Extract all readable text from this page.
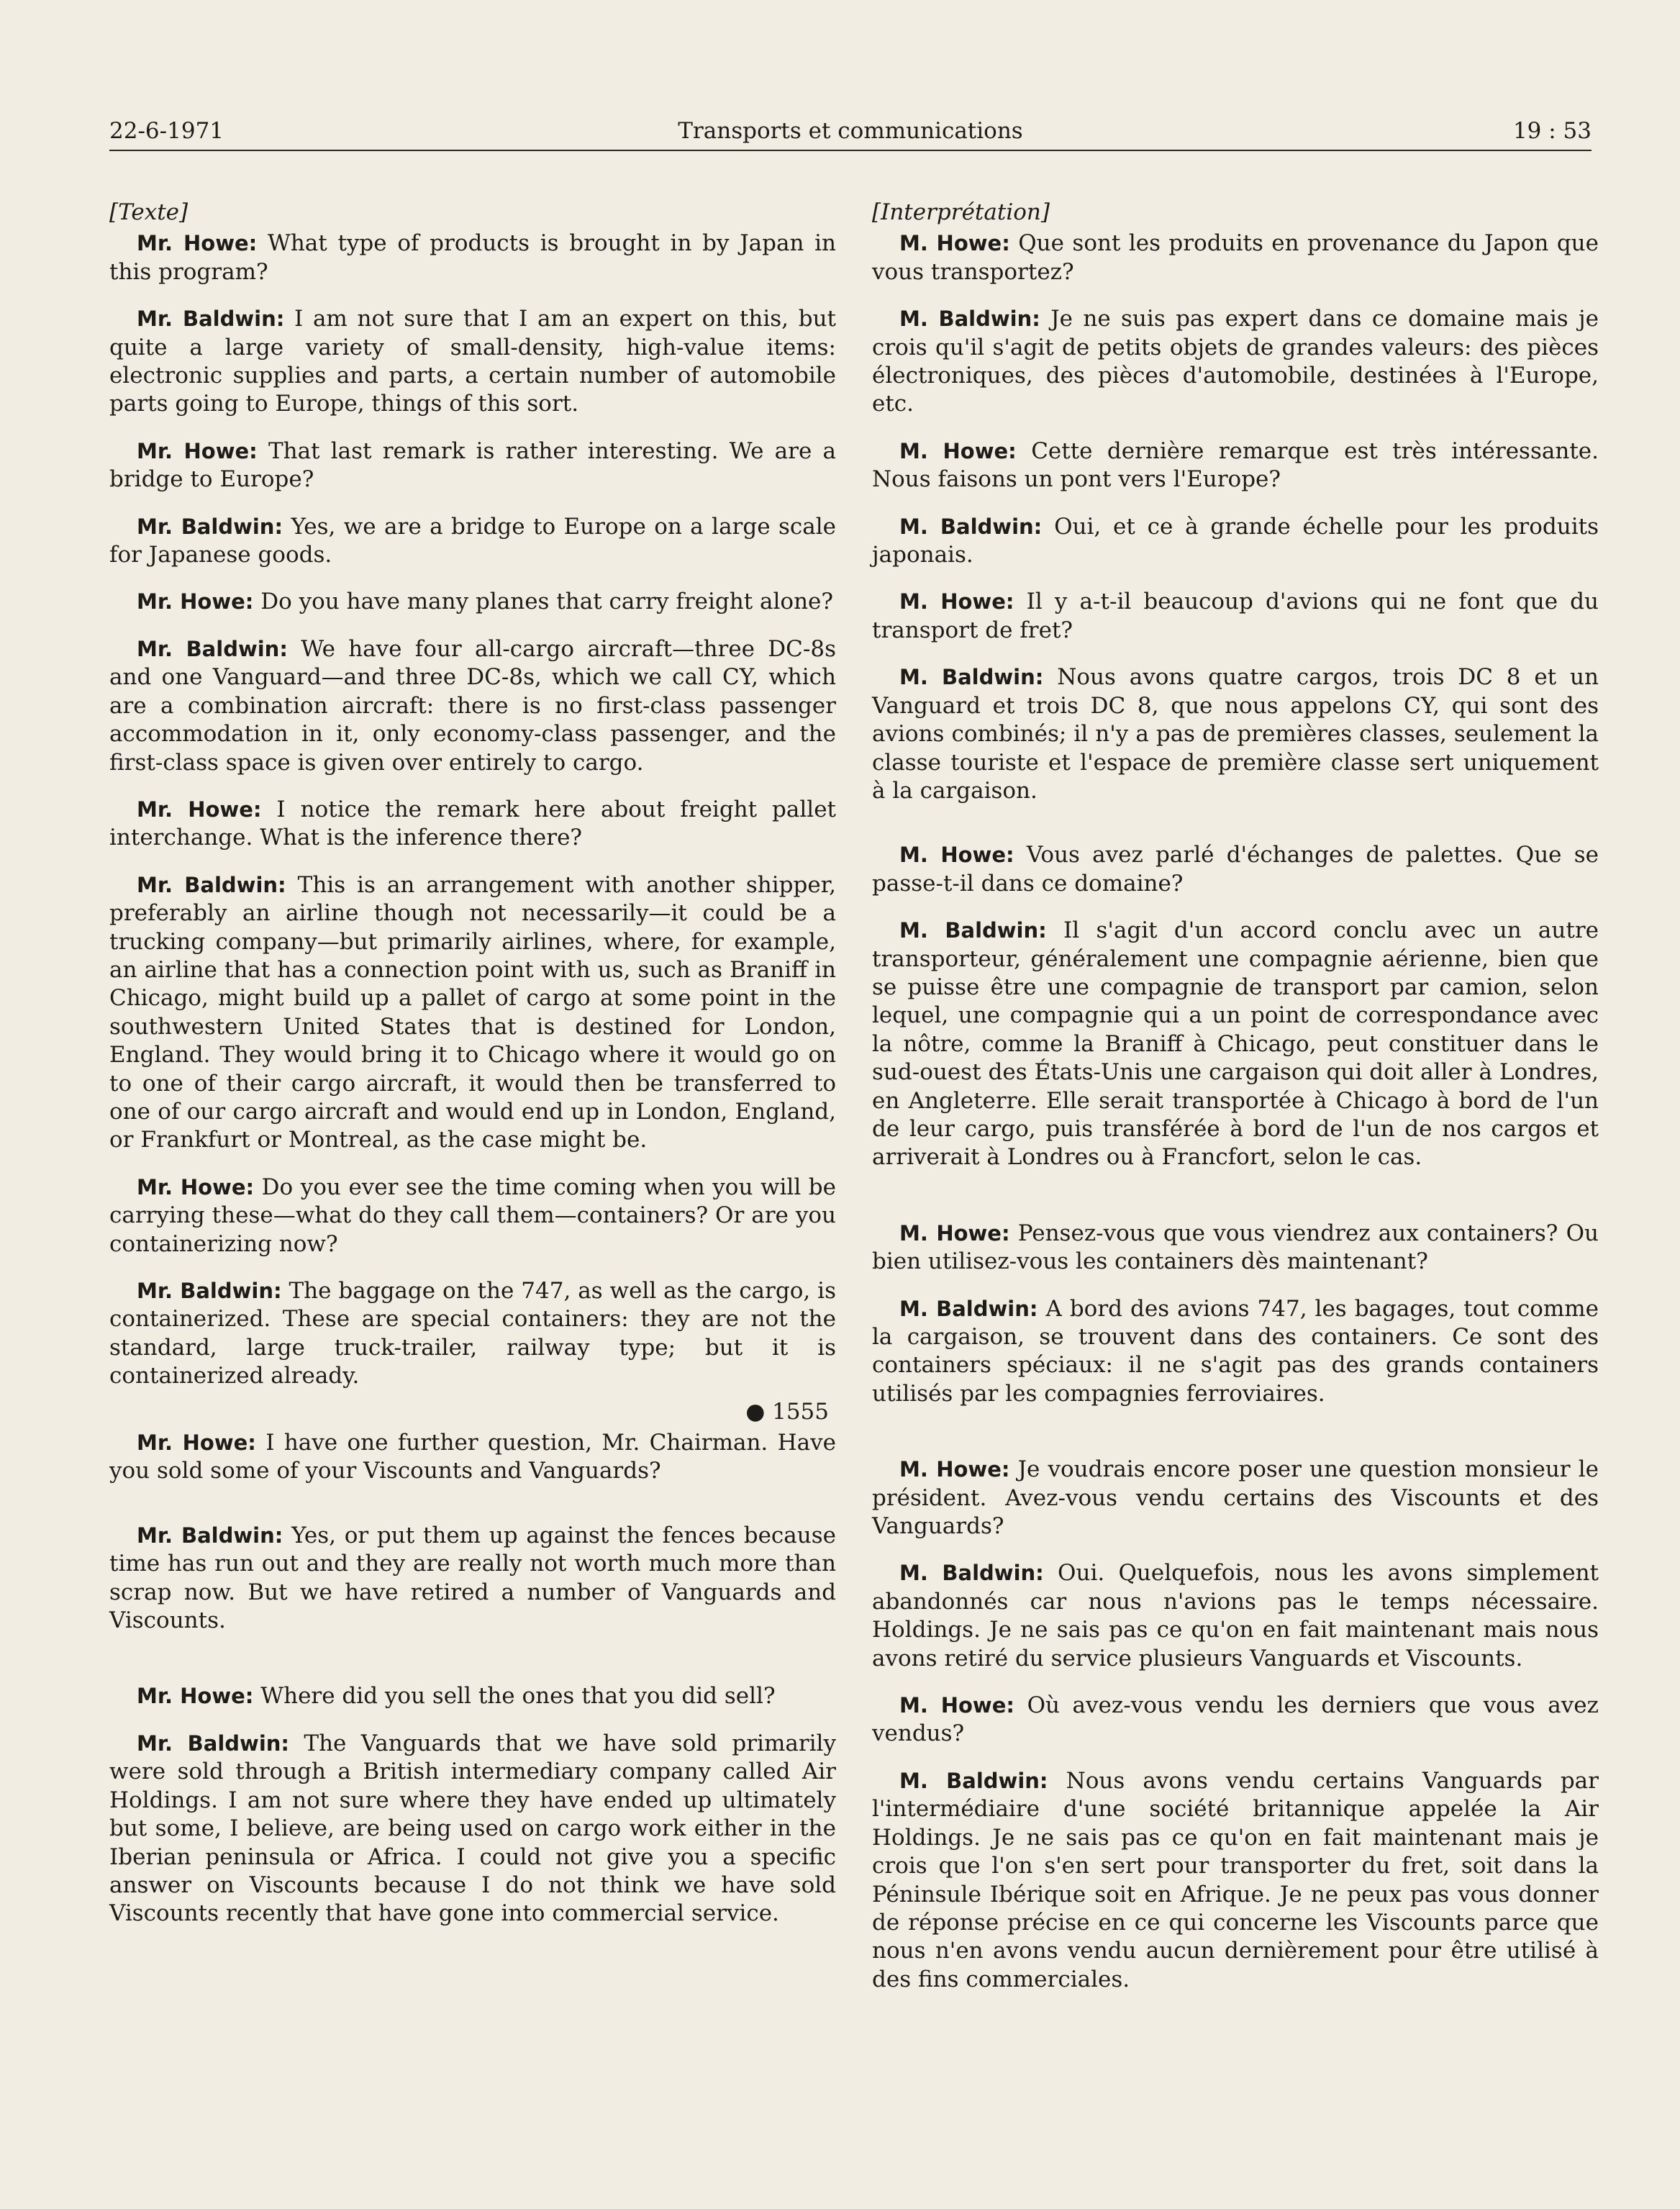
22-6-1971	Transports et communications	19 : 53
[Texte]

Mr. Howe: What type of products is brought in by Japan in this program?

Mr. Baldwin: I am not sure that I am an expert on this, but quite a large variety of small-density, high-value items: electronic supplies and parts, a certain number of automobile parts going to Europe, things of this sort.

Mr. Howe: That last remark is rather interesting. We are a bridge to Europe?

Mr. Baldwin: Yes, we are a bridge to Europe on a large scale for Japanese goods.

Mr. Howe: Do you have many planes that carry freight alone?

Mr. Baldwin: We have four all-cargo aircraft—three DC-8s and one Vanguard—and three DC-8s, which we call CY, which are a combination aircraft: there is no first-class passenger accommodation in it, only economy-class passenger, and the first-class space is given over entirely to cargo.

Mr. Howe: I notice the remark here about freight pallet interchange. What is the inference there?

Mr. Baldwin: This is an arrangement with another shipper, preferably an airline though not necessarily—it could be a trucking company—but primarily airlines, where, for example, an airline that has a connection point with us, such as Braniff in Chicago, might build up a pallet of cargo at some point in the southwestern United States that is destined for London, England. They would bring it to Chicago where it would go on to one of their cargo aircraft, it would then be transferred to one of our cargo aircraft and would end up in London, England, or Frankfurt or Montreal, as the case might be.

Mr. Howe: Do you ever see the time coming when you will be carrying these—what do they call them—containers? Or are you containerizing now?

Mr. Baldwin: The baggage on the 747, as well as the cargo, is containerized. These are special containers: they are not the standard, large truck-trailer, railway type; but it is containerized already.

● 1555

Mr. Howe: I have one further question, Mr. Chairman. Have you sold some of your Viscounts and Vanguards?

Mr. Baldwin: Yes, or put them up against the fences because time has run out and they are really not worth much more than scrap now. But we have retired a number of Vanguards and Viscounts.

Mr. Howe: Where did you sell the ones that you did sell?

Mr. Baldwin: The Vanguards that we have sold primarily were sold through a British intermediary company called Air Holdings. I am not sure where they have ended up ultimately but some, I believe, are being used on cargo work either in the Iberian peninsula or Africa. I could not give you a specific answer on Viscounts because I do not think we have sold Viscounts recently that have gone into commercial service.

[Interprétation]

M. Howe: Que sont les produits en provenance du Japon que vous transportez?

M. Baldwin: Je ne suis pas expert dans ce domaine mais je crois qu'il s'agit de petits objets de grandes valeurs: des pièces électroniques, des pièces d'automobile, destinées à l'Europe, etc.

M. Howe: Cette dernière remarque est très intéressante. Nous faisons un pont vers l'Europe?

M. Baldwin: Oui, et ce à grande échelle pour les produits japonais.

M. Howe: Il y a-t-il beaucoup d'avions qui ne font que du transport de fret?

M. Baldwin: Nous avons quatre cargos, trois DC 8 et un Vanguard et trois DC 8, que nous appelons CY, qui sont des avions combinés; il n'y a pas de premières classes, seulement la classe touriste et l'espace de première classe sert uniquement à la cargaison.

M. Howe: Vous avez parlé d'échanges de palettes. Que se passe-t-il dans ce domaine?

M. Baldwin: Il s'agit d'un accord conclu avec un autre transporteur, généralement une compagnie aérienne, bien que se puisse être une compagnie de transport par camion, selon lequel, une compagnie qui a un point de correspondance avec la nôtre, comme la Braniff à Chicago, peut constituer dans le sud-ouest des États-Unis une cargaison qui doit aller à Londres, en Angleterre. Elle serait transportée à Chicago à bord de l'un de leur cargo, puis transférée à bord de l'un de nos cargos et arriverait à Londres ou à Francfort, selon le cas.

M. Howe: Pensez-vous que vous viendrez aux containers? Ou bien utilisez-vous les containers dès maintenant?

M. Baldwin: A bord des avions 747, les bagages, tout comme la cargaison, se trouvent dans des containers. Ce sont des containers spéciaux: il ne s'agit pas des grands containers utilisés par les compagnies ferroviaires.

M. Howe: Je voudrais encore poser une question monsieur le président. Avez-vous vendu certains des Viscounts et des Vanguards?

M. Baldwin: Oui. Quelquefois, nous les avons simplement abandonnés car nous n'avions pas le temps nécessaire. Holdings. Je ne sais pas ce qu'on en fait maintenant mais nous avons retiré du service plusieurs Vanguards et Viscounts.

M. Howe: Où avez-vous vendu les derniers que vous avez vendus?

M. Baldwin: Nous avons vendu certains Vanguards par l'intermédiaire d'une société britannique appelée la Air Holdings. Je ne sais pas ce qu'on en fait maintenant mais je crois que l'on s'en sert pour transporter du fret, soit dans la Péninsule Ibérique soit en Afrique. Je ne peux pas vous donner de réponse précise en ce qui concerne les Viscounts parce que nous n'en avons vendu aucun dernièrement pour être utilisé à des fins commerciales.
